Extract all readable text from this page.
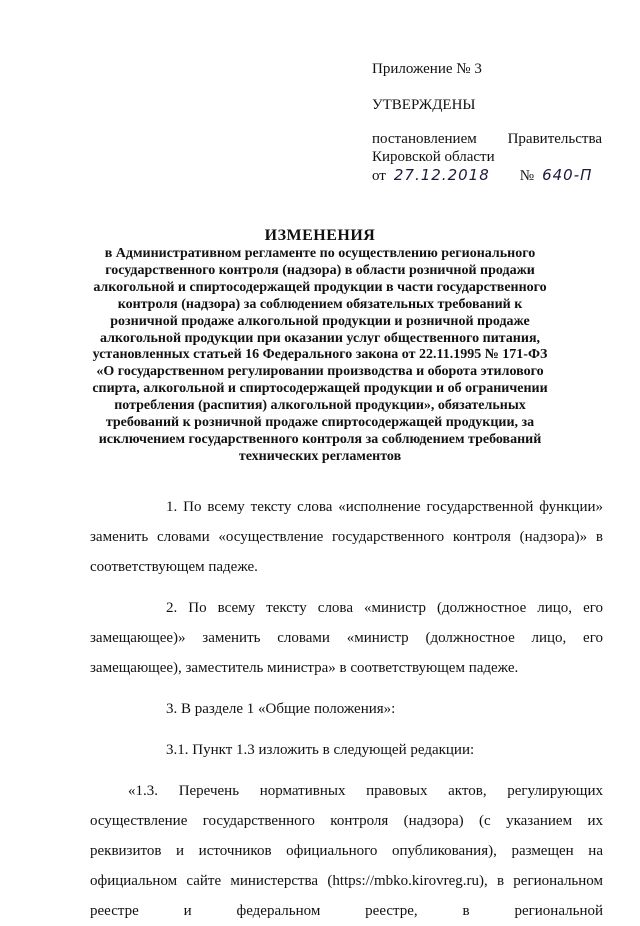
Приложение № 3
УТВЕРЖДЕНЫ
постановлением Правительства
Кировской области
от 27.12.2018 № 640-П
ИЗМЕНЕНИЯ
в Административном регламенте по осуществлению регионального государственного контроля (надзора) в области розничной продажи алкогольной и спиртосодержащей продукции в части государственного контроля (надзора) за соблюдением обязательных требований к розничной продаже алкогольной продукции и розничной продаже алкогольной продукции при оказании услуг общественного питания, установленных статьей 16 Федерального закона от 22.11.1995 № 171-ФЗ «О государственном регулировании производства и оборота этилового спирта, алкогольной и спиртосодержащей продукции и об ограничении потребления (распития) алкогольной продукции», обязательных требований к розничной продаже спиртосодержащей продукции, за исключением государственного контроля за соблюдением требований технических регламентов
1. По всему тексту слова «исполнение государственной функции» заменить словами «осуществление государственного контроля (надзора)» в соответствующем падеже.
2. По всему тексту слова «министр (должностное лицо, его замещающее)» заменить словами «министр (должностное лицо, его замещающее), заместитель министра» в соответствующем падеже.
3. В разделе 1 «Общие положения»:
3.1. Пункт 1.3 изложить в следующей редакции:
«1.3. Перечень нормативных правовых актов, регулирующих осуществление государственного контроля (надзора) (с указанием их реквизитов и источников официального опубликования), размещен на официальном сайте министерства (https://mbko.kirovreg.ru), в региональном реестре и федеральном реестре, в региональной
